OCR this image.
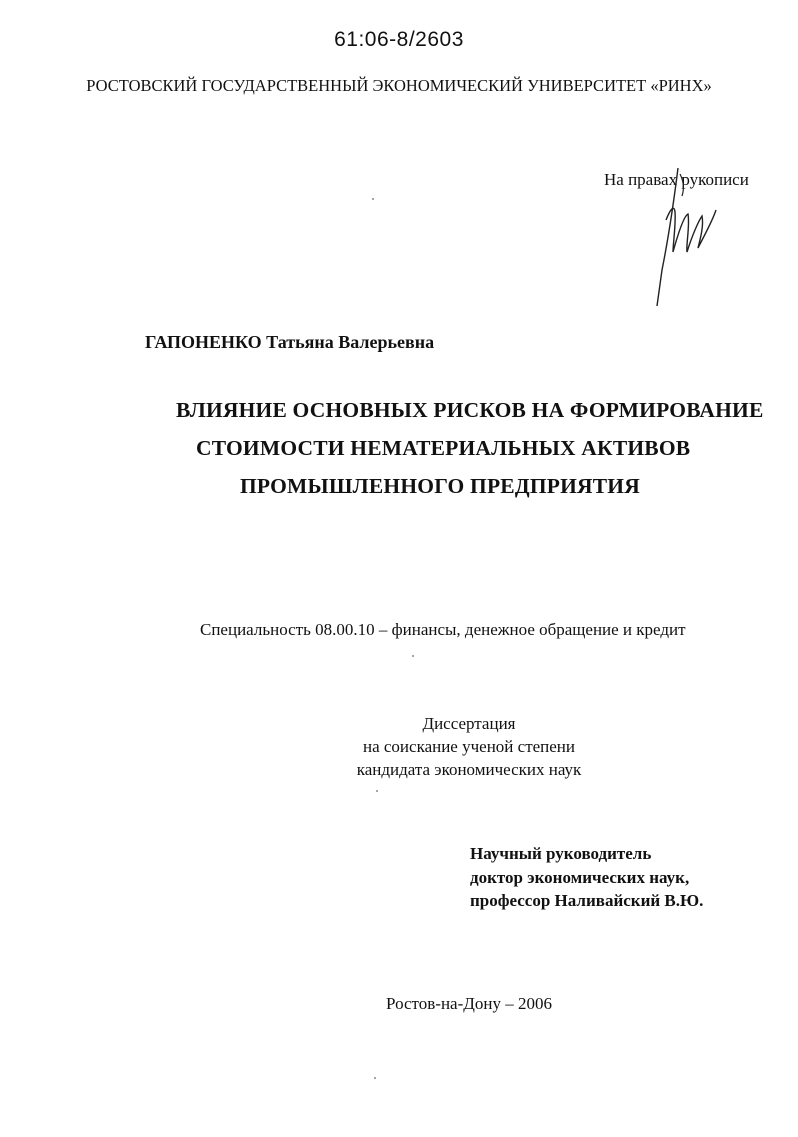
61:06-8/2603
РОСТОВСКИЙ ГОСУДАРСТВЕННЫЙ ЭКОНОМИЧЕСКИЙ УНИВЕРСИТЕТ «РИНХ»
На правах рукописи
ГАПОНЕНКО Татьяна Валерьевна
ВЛИЯНИЕ ОСНОВНЫХ РИСКОВ НА ФОРМИРОВАНИЕ
СТОИМОСТИ НЕМАТЕРИАЛЬНЫХ АКТИВОВ
ПРОМЫШЛЕННОГО ПРЕДПРИЯТИЯ
Специальность 08.00.10 – финансы, денежное обращение и кредит
Диссертация
на соискание ученой степени
кандидата экономических наук
Научный руководитель
доктор экономических наук,
профессор Наливайский В.Ю.
Ростов-на-Дону – 2006
